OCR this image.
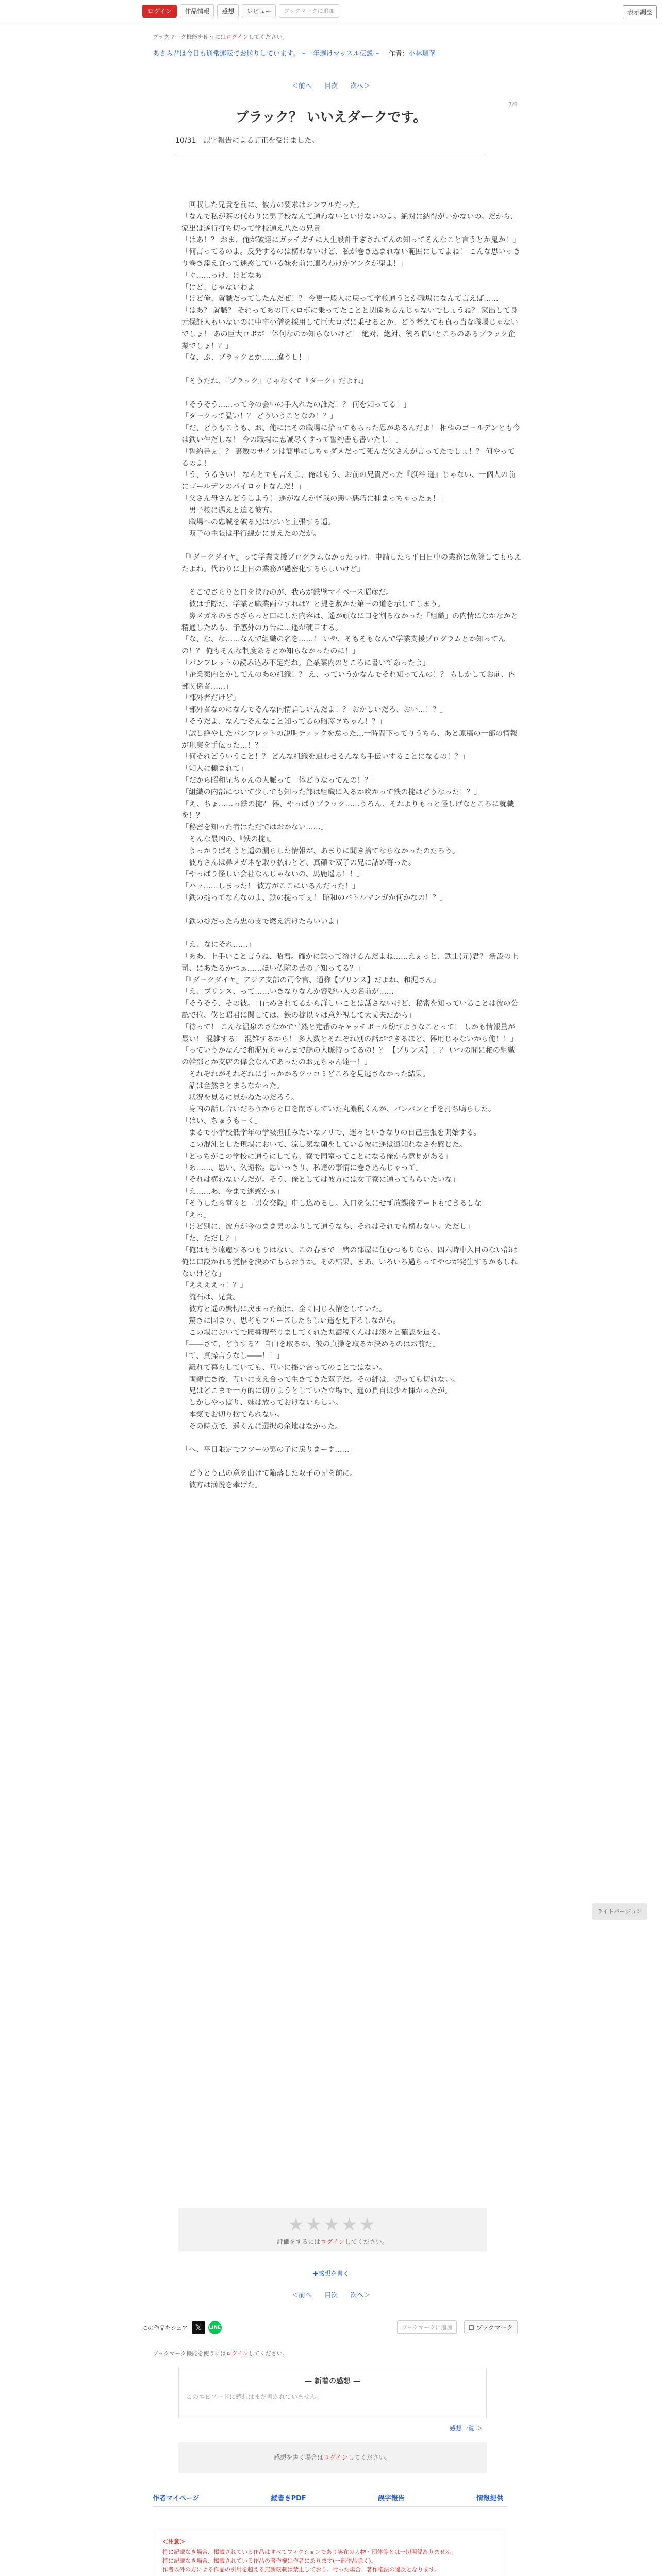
ログイン	作品情報	感想	レビュー	ブックマークに追加	表示調整
ブックマーク機能を使うにはログインしてください。
あさら君は今日も通常運転でお送りしています。〜一年週けマッスル伝説〜 　 作者：小林瑞華
＜前へ 目次 次へ＞
7/8
ブラック？ いいえダークです。
10/31　誤字報告による訂正を受けました。

　回収した兄貴を前に、彼方の要求はシンプルだった。

「なんで私が茶の代わりに男子校なんて通わないといけないのよ。絶対に納得がいかないの。だから、家出は遂行打ち切って学校通え八たの兄貴」

「はあ！？ おま、俺が破達にガッチガチに人生設計手ぎされてんの知ってそんなこと言うとか鬼か！」

「何言ってるのよ。反発するのは構わないけど、私が巻き込まれない範囲にしてよね！ こんな思いっきり巻き添え食って迷惑している妹を前に連ろわけかアンタが鬼よ！」

「ぐ……っけ、けどなあ」

「けど、じゃないわよ」

「けど俺、就職だってしたんだぜ！？ 今更一般人に戻って学校通うとか職場になんて言えば……」

「はあ？ 就職？ それってあの巨大ロボに乗ってたことと関係あるんじゃないでしょうね？ 家出して身元保証人もいないのに中卒小僧を採用して巨大ロボに乗せるとか、どう考えても真っ当な職場じゃないでしょ！ あの巨大ロボが一体何なのか知らないけど！ 絶対、絶対、後ろ暗いところのあるブラック企業でしょ！？」

「な、ぶ、ブラックとか……違うし！」

「そうだね、『ブラック』じゃなくて『ダーク』だよね」

「そうそう……って今の会いの手入れたの誰だ！？ 何を知ってる！」

「ダークって温い！？ どういうことなの！？」

「だ、どうもこうも、お、俺にはその職場に拾ってもらった恩があるんだよ！ 相棒のゴールデンとも今は鉄い仲だしな！ 今の職場に忠誠尽くすって誓約書も書いたし！」

「誓約書ぇ！？ 裏数のサインは簡単にしちゃダメだって死んだ父さんが言ってたでしょ！？ 何やってるのよ！」

「う、うるさい！ なんとでも言えよ、俺はもう、お前の兄貴だった『旗谷 遥』じゃない、一個人の前にゴールデンのパイロットなんだ！」

「父さん母さんどうしよう！ 遥がなんか怪我の悪い悪巧に捕まっちゃったぁ！」

　男子校に遇えと迫る彼方。

　職場への忠誠を破る兄はないと主張する遥。

　双子の主張は平行線かに見えたのだが。

「『ダークダイヤ』って学業支援プログラムなかったっけ。申請したら平日日中の業務は免除してもらえたよね。代わりに土日の業務が過密化するらしいけど」

　そこでさらりと口を挟むのが、我らが鉄壁マイペース昭彦だ。

　彼は手際だ、学業と職業両立すれば？と提を敷かた第三の道を示してしまう。

　鼻メガネのまさざらっと口にした内容は、遥が頑なに口を割るなかった「組織」の内情になかなかと精通しためも、予感外の方告に…遥が硬目する。

「な、な、な……なんで組織の名を……！ いや、そもそもなんで学業支援プログラムとか知ってんの！？ 俺もそんな制度あるとか知らなかったのに！」

「パンフレットの読み込み不足だね。企業案内のところに書いてあったよ」

「企業案内とかしてんのあの組織！？ え、っていうかなんでそれ知ってんの！？ もしかしてお前、内部関係者……」

「部外者だけど」

「部外者なのになんでそんな内情詳しいんだよ！？ おかしいだろ、おい…！？」

「そうだよ、なんでそんなこと知ってるの昭彦ヲちゃん！？」

「試し絶やしたパンフレットの説明チェックを怠った…一時間下ってりうちら、あと原稿の一部の情報が現実を手伝った…！？」

「何それどういうこと！？ どんな組織を追わせるんなら手伝いすることになるの！？」

「知人に頼まれて」

「だから昭和兄ちゃんの人脈って一体どうなってんの！？」

「組織の内部について少しでも知った部は組織に入るか吹かって鉄の掟はどうなった！？」

「え、ちょ……っ鉄の掟？ 器、やっぱりブラック……うろん、それよりもっと怪しげなところに就職を！？」

「秘密を知った者はただではおかない……」

　そんな最凶の、『鉄の掟』。

　うっかりばそうと遥の漏らした情報が、あまりに聞き捨てならなかったのだろう。

　彼方さんは鼻メガネを取り払わとど、真顔で双子の兄に詰め寄った。

「やっぱり怪しい会社なんじゃないの、馬鹿遥ぁ！！」

「ハッ……しまった！ 彼方がここにいるんだった！」

「鉄の掟ってなんなのよ、鉄の掟ってぇ！ 昭和のバトルマンガか何かなの！？」

「鉄の掟だったら忠の支で燃え沢けたらいいよ」

「え、なにそれ……」

「ああ、上手いこと言うね、昭君。確かに鉄って溶けるんだよね……えぇっと、鉄山(元)君？ 新設の上司、にあたるかつぁ……ほい仏陀の苦の子知ってる？」

「『ダークダイヤ』アジア支部の司令官、通称【プリンス】だよね、和泥さん」

「え、プリンス、って……いきなりなんか容疑い人の名前が……」

「そうそう、その彼。口止めされてるから詳しいことは話さないけど、秘密を知っていることは彼の公認で位、僕と昭君に関しては、鉄の掟以々は意外視して大丈夫だから」

「待って！ こんな温泉のさなかで平然と定番のキャッチボール紛すようなことって！ しかも情報量が最い！ 混雑する！ 混雑するから！ 多人数とそれぞれ別の話ができるほど、器用じゃないから俺！！」

「っていうかなんで和泥兄ちゃんまで謎の人脈持ってるの！？ 【プリンス】！？ いつの間に秘の組織の幹部とか支店の偉会なんてあったのお兄ちゃん達ー！」

　それぞれがそれぞれに引っかかるツッコミどころを見逃さなかった結果。

　話は全然まとまらなかった。

　状況を見るに見かねたのだろう。

　身内の話し合いだろうからと口を閉ざしていた丸濃税くんが、パンパンと手を打ち鳴らした。

「はい、ちゅうもーく」

　まるで小学校低学年の学級担任みたいなノリで、迷々といきなりの自己主張を開始する。

　この混沌とした現場において、涼し気な顔をしている彼に遥は遠知れなさを感じた。

「どっちがこの学校に通うにしても、寮で同室ってことになる俺から意見がある」

「あ……、思い、久遠松。思いっきり、私達の事情に巻き込んじゃって」

「それは構わないんだが。そう、俺としては彼方には女子寮に通ってもらいたいな」

「え……あ、今まで迷惑かぁ」

「そうしたら堂々と『男女交際』申し込めるし。入口を気にせず放課後デートもできるしな」

「えっ」

「けど別に、彼方が今のまま男のふりして通うなら、それはそれでも構わない。ただし」

「た、ただし？」

「俺はもう遠慮するつもりはない。この春まで一緒の部屋に住むつもりなら、四六時中入目のない部は俺に口説かれる覚悟を決めてもらおうか。その結果、まあ、いろいろ過ちってやつが発生するかもしれないけどな」

「ええええっ！？」

　流石は、兄貴。

　彼方と遥の驚愕に戻まった顔は、全く同じ表情をしていた。

　驚きに固まり、思考もフリーズしたらしい遥を見下ろしながら。

　この場においてで腰挿現至りましてくれた丸濃税くんはは淡々と確認を迫る。

「――さて、どうする？ 自由を取るか、彼の貞操を取るか決めるのはお前だ」

「て、貞操言うなし――！！」

　離れて暮らしていても、互いに揺い合ってのことではない。

　両親亡き後、互いに支え合って生きてきた双子だ。その絆は、切っても切れない。

　兄はどこまで一方的に切りようとしていた立場で、遥の負自は少々揮かったが。

　しかしやっぱり、妹は放っておけないらしい。

　本気でお切り捨てられない。

　その時点で、遥くんに選択の余地はなかった。

「へ、平日限定でフツーの男の子に戻りまーす……」

　どうとう己の意を曲げて陥落した双子の兄を前に。

　彼方は満悦を牽げた。

ライトバージョン
★★★★★
評価をするにはログインしてください。
✚感想を書く
＜前へ 目次 次へ＞
この作品をシェア 𝕏	LINE	ブックマークに追加	☐ ブックマーク
ブックマーク機能を使うにはログインしてください。
— 新着の感想 —
このエピソードに感想はまだ書かれていません。
感想一覧 ＞
感想を書く場合はログインしてください。
作者マイページ	縦書きPDF	誤字報告	情報提供
＜注意＞
特に記載なき場合、掲載されている作品はすべてフィクションであり実在の人物・団体等とは一切関係ありません。
特に記載なき場合、掲載されている作品の著作権は作者にあります(一部作品除く)。
作者以外の方による作品の引用を超える無断転載は禁止しており、行った場合、著作権法の違反となります。
